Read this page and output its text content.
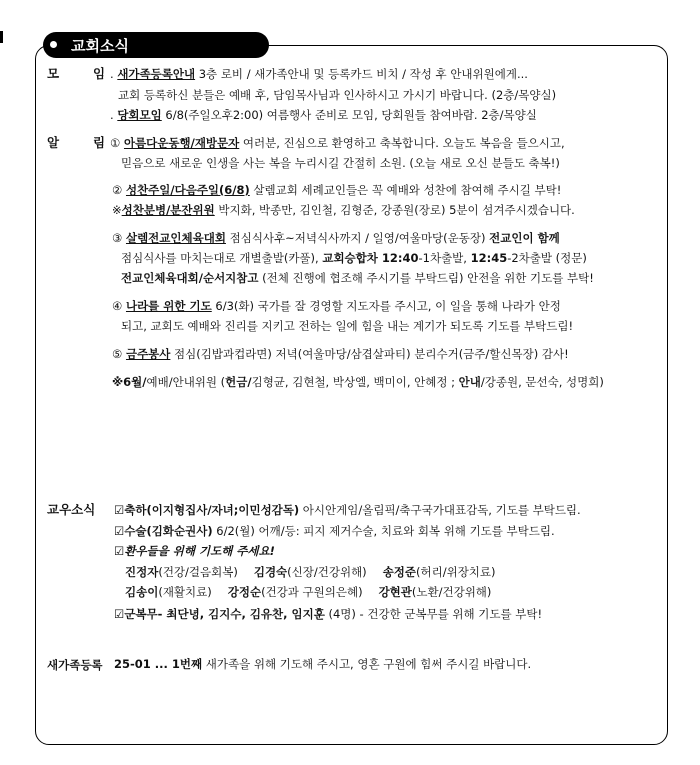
교회소식
모	임 . 새가족등록안내 3층 로비 / 새가족안내 및 등록카드 비치 / 작성 후 안내위원에게...
교회 등록하신 분들은 예배 후, 담임목사님과 인사하시고 가시기 바랍니다. (2층/목양실)
. 당회모임 6/8(주일오후2:00) 여름행사 준비로 모임, 당회원들 참여바람. 2층/목양실
알	림 ① 아름다운동행/재방문자 여러분, 진심으로 환영하고 축복합니다. 오늘도 복음을 들으시고,
믿음으로 새로운 인생을 사는 복을 누리시길 간절히 소원. (오늘 새로 오신 분들도 축복!)
② 성찬주일/다음주일(6/8) 살렘교회 세례교인들은 꼭 예배와 성찬에 참여해 주시길 부탁!
※성찬분병/분잔위원 박지화, 박종만, 김인철, 김형준, 강종원(장로) 5분이 섬겨주시겠습니다.
③ 살렘전교인체육대회 점심식사후~저녁식사까지 / 일영/여울마당(운동장) 전교인이 함께
점심식사를 마치는대로 개별출발(카풀), 교회승합차 12:40-1차출발, 12:45-2차출발 (정문)
전교인체육대회/순서지참고 (전체 진행에 협조해 주시기를 부탁드림) 안전을 위한 기도를 부탁!
④ 나라를 위한 기도 6/3(화) 국가를 잘 경영할 지도자를 주시고, 이 일을 통해 나라가 안정
되고, 교회도 예배와 진리를 지키고 전하는 일에 힘을 내는 계기가 되도록 기도를 부탁드림!
⑤ 금주봉사 점심(김밥과컵라면) 저녁(여울마당/삼겹살파티) 분리수거(금주/할신목장) 감사!
※6월/예배/안내위원 (헌금/김형균, 김현철, 박상엘, 백미이, 안혜정 ; 안내/강종원, 문선숙, 성명희)
교우소식 ☑축하(이지형집사/자녀;이민성감독) 아시안게임/올림픽/축구국가대표감독, 기도를 부탁드림.
☑수술(김화순권사) 6/2(월) 어깨/등: 피지 제거수술, 치료와 회복 위해 기도를 부탁드림.
☑환우들을 위해 기도해 주세요!
진정자(건강/걸음회복) 김경숙(신장/건강위해) 송정준(허리/위장치료)
김송이(재활치료) 강정순(건강과 구원의은혜) 강현관(노환/건강위해)
☑군복무- 최단녕, 김지수, 김유찬, 임지훈 (4명) - 건강한 군복무를 위해 기도를 부탁!
새가족등록 25-01 ... 1번째 새가족을 위해 기도해 주시고, 영혼 구원에 힘써 주시길 바랍니다.
